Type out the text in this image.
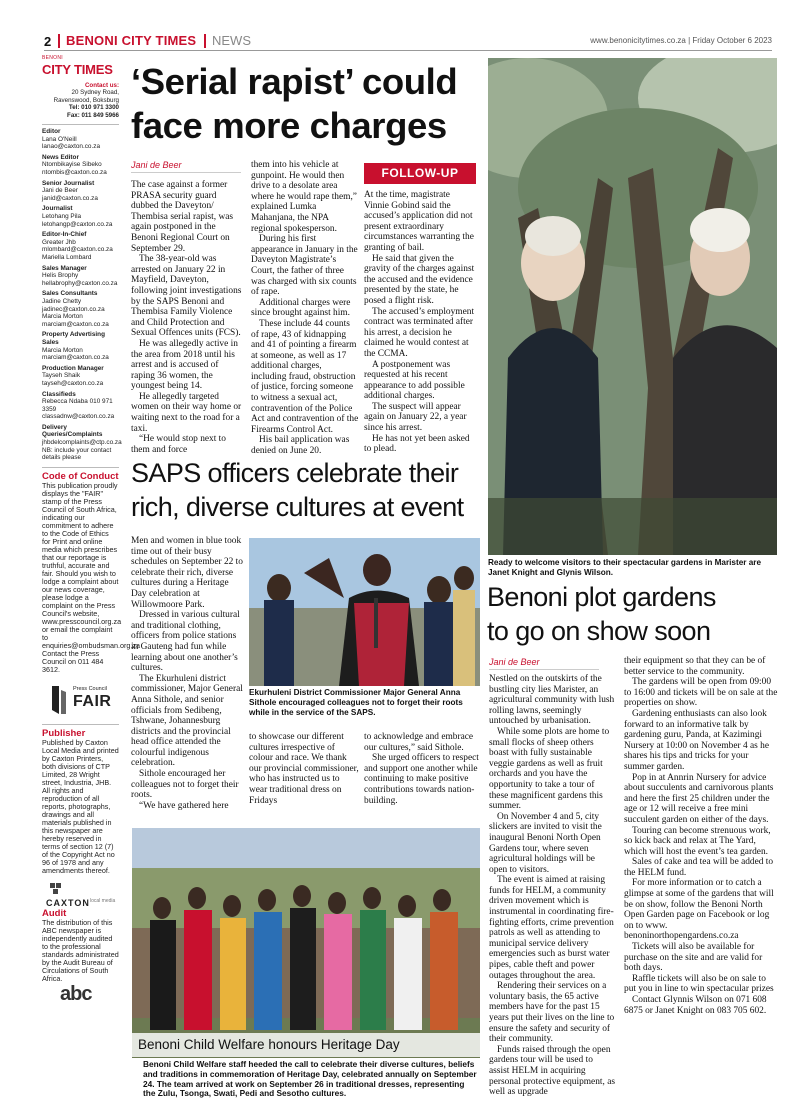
2 BENONI CITY TIMES NEWS	www.benonicitytimes.co.za | Friday October 6 2023
BENONI
CITY TIMES
Contact us:
20 Sydney Road,
Ravenswood, Boksburg
Tel: 010 971 3300
Fax: 011 849 5966
Editor
Lana O'Neill
lanao@caxton.co.za
News Editor
Ntombikayise Sibeko
ntombis@caxton.co.za
Senior Journalist
Jani de Beer
janid@caxton.co.za
Journalist
Letohang Pila
letohangp@caxton.co.za
Editor-In-Chief
Greater Jhb
mlombard@caxton.co.za
Mariella Lombard
Sales Manager
Helis Brophy
hellabrophy@caxton.co.za
Sales Consultants
Jadine Chetty
jadinec@caxton.co.za
Marcia Morton
marciam@caxton.co.za
Property Advertising Sales
Marcia Morton
marciam@caxton.co.za
Production Manager
Tayseh Shaik
tayseh@caxton.co.za
Classifieds
Rebecca Ndaba 010 971 3359
classadnw@caxton.co.za
Delivery Queries/Complaints
jhbdelcomplaints@ctp.co.za
NB: include your contact details please
Code of Conduct
This publication proudly displays the "FAIR" stamp of the Press Council of South Africa, indicating our commitment to adhere to the Code of Ethics for Print and online media which prescribes that our reportage is truthful, accurate and fair. Should you wish to lodge a complaint about our news coverage, please lodge a complaint on the Press Council's website, www.presscouncil.org.za or email the complaint to enquiries@ombudsman.org.za Contact the Press Council on 011 484 3612.
Press Council
FAIR
Publisher
Published by Caxton Local Media and printed by Caxton Printers, both divisions of CTP Limited, 28 Wright street, Industria, JHB. All rights and reproduction of all reports, photographs, drawings and all materials published in this newspaper are hereby reserved in terms of section 12 (7) of the Copyright Act no 96 of 1978 and any amendments thereof.
CAXTON local media
Audit
The distribution of this ABC newspaper is independently audited to the professional standards administrated by the Audit Bureau of Circulations of South Africa.
abc
‘Serial rapist’ could
face more charges
Jani de Beer
FOLLOW-UP

The case against a former PRASA security guard dubbed the Daveyton/ Thembisa serial rapist, was again postponed in the Benoni Regional Court on September 29.

The 38-year-old was arrested on January 22 in Mayfield, Daveyton, following joint investigations by the SAPS Benoni and Thembisa Family Violence and Child Protection and Sexual Offences units (FCS).

He was allegedly active in the area from 2018 until his arrest and is accused of raping 36 women, the youngest being 14.

He allegedly targeted women on their way home or waiting next to the road for a taxi.

“He would stop next to them and force

them into his vehicle at gunpoint. He would then drive to a desolate area where he would rape them,” explained Lumka Mahanjana, the NPA regional spokesperson.

During his first appearance in January in the Daveyton Magistrate’s Court, the father of three was charged with six counts of rape.

Additional charges were since brought against him.

These include 44 counts of rape, 43 of kidnapping and 41 of pointing a firearm at someone, as well as 17 additional charges, including fraud, obstruction of justice, forcing someone to witness a sexual act, contravention of the Police Act and contravention of the Firearms Control Act.

His bail application was denied on June 20.

At the time, magistrate Vinnie Gobind said the accused’s application did not present extraordinary circumstances warranting the granting of bail.

He said that given the gravity of the charges against the accused and the evidence presented by the state, he posed a flight risk.

The accused’s employment contract was terminated after his arrest, a decision he claimed he would contest at the CCMA.

A postponement was requested at his recent appearance to add possible additional charges.

The suspect will appear again on January 22, a year since his arrest.

He has not yet been asked to plead.

Ready to welcome visitors to their spectacular gardens in Marister are Janet Knight and Glynis Wilson.
SAPS officers celebrate their
rich, diverse cultures at event

Men and women in blue took time out of their busy schedules on September 22 to celebrate their rich, diverse cultures during a Heritage Day celebration at Willowmoore Park.

Dressed in various cultural and traditional clothing, officers from police stations in Gauteng had fun while learning about one another’s cultures.

The Ekurhuleni district commissioner, Major General Anna Sithole, and senior officials from Sedibeng, Tshwane, Johannesburg districts and the provincial head office attended the colourful indigenous celebration.

Sithole encouraged her colleagues not to forget their roots.

“We have gathered here

Ekurhuleni District Commissioner Major General Anna Sithole encouraged colleagues not to forget their roots while in the service of the SAPS.

to showcase our different cultures irrespective of colour and race. We thank our provincial commissioner, who has instructed us to wear traditional dress on Fridays

to acknowledge and embrace our cultures,” said Sithole.

She urged officers to respect and support one another while continuing to make positive contributions towards nation-building.

Benoni Child Welfare honours Heritage Day
Benoni Child Welfare staff heeded the call to celebrate their diverse cultures, beliefs and traditions in commemoration of Heritage Day, celebrated annually on September 24. The team arrived at work on September 26 in traditional dresses, representing the Zulu, Tsonga, Swati, Pedi and Sesotho cultures.
Benoni plot gardens
to go on show soon
Jani de Beer

Nestled on the outskirts of the bustling city lies Marister, an agricultural community with lush rolling lawns, seemingly untouched by urbanisation.

While some plots are home to small flocks of sheep others boast with fully sustainable veggie gardens as well as fruit orchards and you have the opportunity to take a tour of these magnificent gardens this summer.

On November 4 and 5, city slickers are invited to visit the inaugural Benoni North Open Gardens tour, where seven agricultural holdings will be open to visitors.

The event is aimed at raising funds for HELM, a community driven movement which is instrumental in coordinating fire-fighting efforts, crime prevention patrols as well as attending to municipal service delivery emergencies such as burst water pipes, cable theft and power outages throughout the area.

Rendering their services on a voluntary basis, the 65 active members have for the past 15 years put their lives on the line to ensure the safety and security of their community.

Funds raised through the open gardens tour will be used to assist HELM in acquiring personal protective equipment, as well as upgrade

their equipment so that they can be of better service to the community.

The gardens will be open from 09:00 to 16:00 and tickets will be on sale at the properties on show.

Gardening enthusiasts can also look forward to an informative talk by gardening guru, Panda, at Kazimingi Nursery at 10:00 on November 4 as he shares his tips and tricks for your summer garden.

Pop in at Annrin Nursery for advice about succulents and carnivorous plants and here the first 25 children under the age or 12 will receive a free mini succulent garden on either of the days.

Touring can become strenuous work, so kick back and relax at The Yard, which will host the event’s tea garden.

Sales of cake and tea will be added to the HELM fund.

For more information or to catch a glimpse at some of the gardens that will be on show, follow the Benoni North Open Garden page on Facebook or log on to www. benoninorthopengardens.co.za

Tickets will also be available for purchase on the site and are valid for both days.

Raffle tickets will also be on sale to put you in line to win spectacular prizes

Contact Glynnis Wilson on 071 608 6875 or Janet Knight on 083 705 602.
